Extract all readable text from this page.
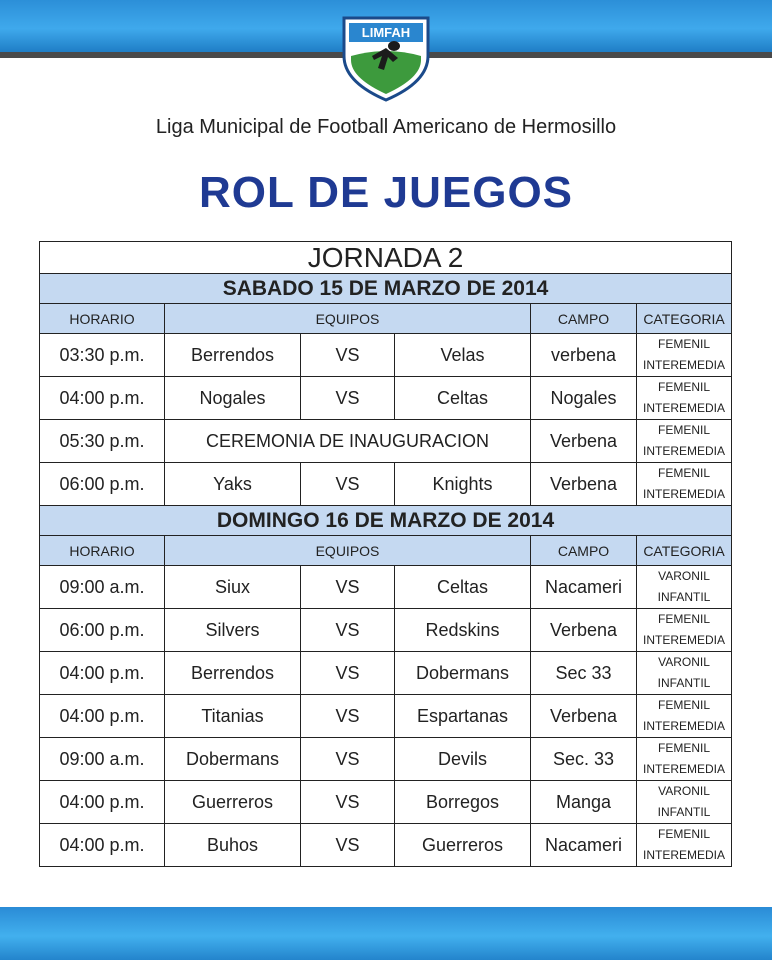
LIMFAH
Liga Municipal de Football Americano de Hermosillo
ROL DE JUEGOS
JORNADA 2					
SABADO 15 DE MARZO DE 2014					
HORARIO	EQUIPOS			CAMPO	CATEGORIA
03:30 p.m.	Berrendos	VS	Velas	verbena	FEMENIL
INTEREMEDIA

04:00 p.m.	Nogales	VS	Celtas	Nogales	FEMENIL
INTEREMEDIA

05:30 p.m.	CEREMONIA DE INAUGURACION			Verbena	FEMENIL
INTEREMEDIA

06:00 p.m.	Yaks	VS	Knights	Verbena	FEMENIL
INTEREMEDIA

DOMINGO 16 DE MARZO DE 2014					
HORARIO	EQUIPOS			CAMPO	CATEGORIA
09:00 a.m.	Siux	VS	Celtas	Nacameri	VARONIL
INFANTIL

06:00 p.m.	Silvers	VS	Redskins	Verbena	FEMENIL
INTEREMEDIA

04:00 p.m.	Berrendos	VS	Dobermans	Sec 33	VARONIL
INFANTIL

04:00 p.m.	Titanias	VS	Espartanas	Verbena	FEMENIL
INTEREMEDIA

09:00 a.m.	Dobermans	VS	Devils	Sec. 33	FEMENIL
INTEREMEDIA

04:00 p.m.	Guerreros	VS	Borregos	Manga	VARONIL
INFANTIL

04:00 p.m.	Buhos	VS	Guerreros	Nacameri	FEMENIL
INTEREMEDIA
